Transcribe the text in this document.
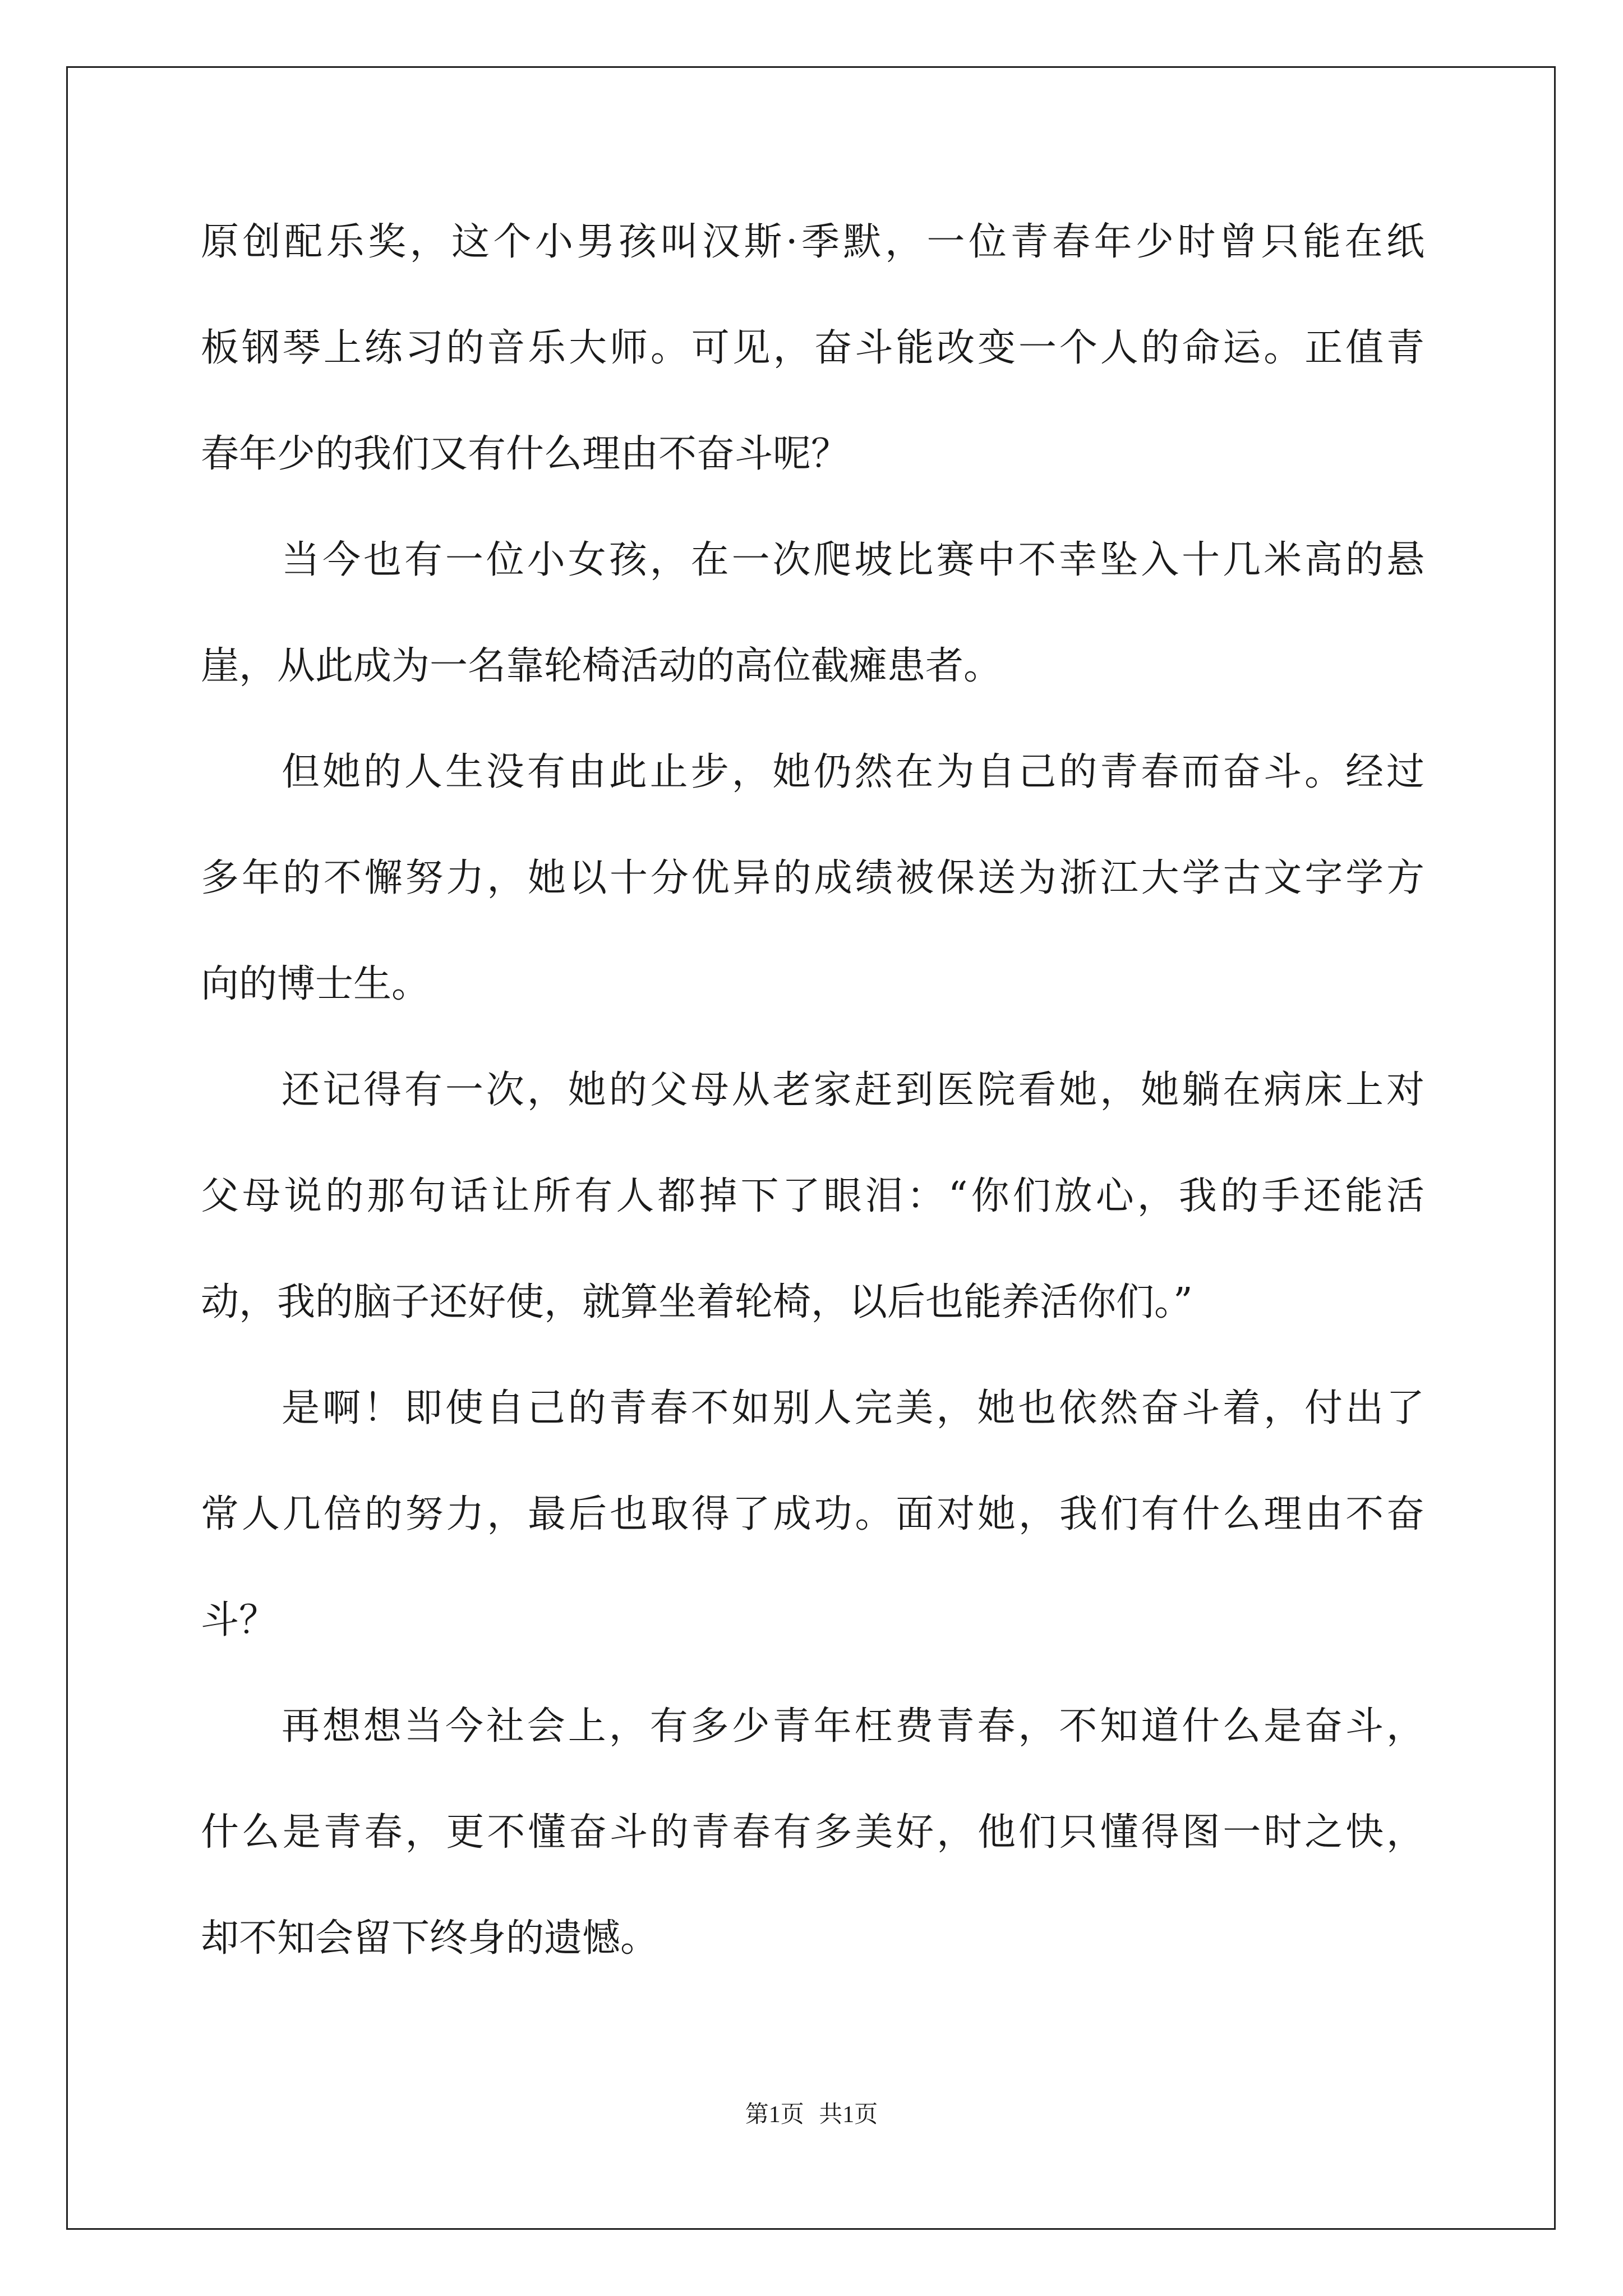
原创配乐奖，这个小男孩叫汉斯·季默，一位青春年少时曾只能在纸
板钢琴上练习的音乐大师。可见，奋斗能改变一个人的命运。正值青
春年少的我们又有什么理由不奋斗呢？
当今也有一位小女孩，在一次爬坡比赛中不幸坠入十几米高的悬
崖，从此成为一名靠轮椅活动的高位截瘫患者。
但她的人生没有由此止步，她仍然在为自己的青春而奋斗。经过
多年的不懈努力，她以十分优异的成绩被保送为浙江大学古文字学方
向的博士生。
还记得有一次，她的父母从老家赶到医院看她，她躺在病床上对
父母说的那句话让所有人都掉下了眼泪：“你们放心，我的手还能活
动，我的脑子还好使，就算坐着轮椅，以后也能养活你们。”
是啊！即使自己的青春不如别人完美，她也依然奋斗着，付出了
常人几倍的努力，最后也取得了成功。面对她，我们有什么理由不奋
斗？
再想想当今社会上，有多少青年枉费青春，不知道什么是奋斗，
什么是青春，更不懂奋斗的青春有多美好，他们只懂得图一时之快，
却不知会留下终身的遗憾。
第1页 共1页
